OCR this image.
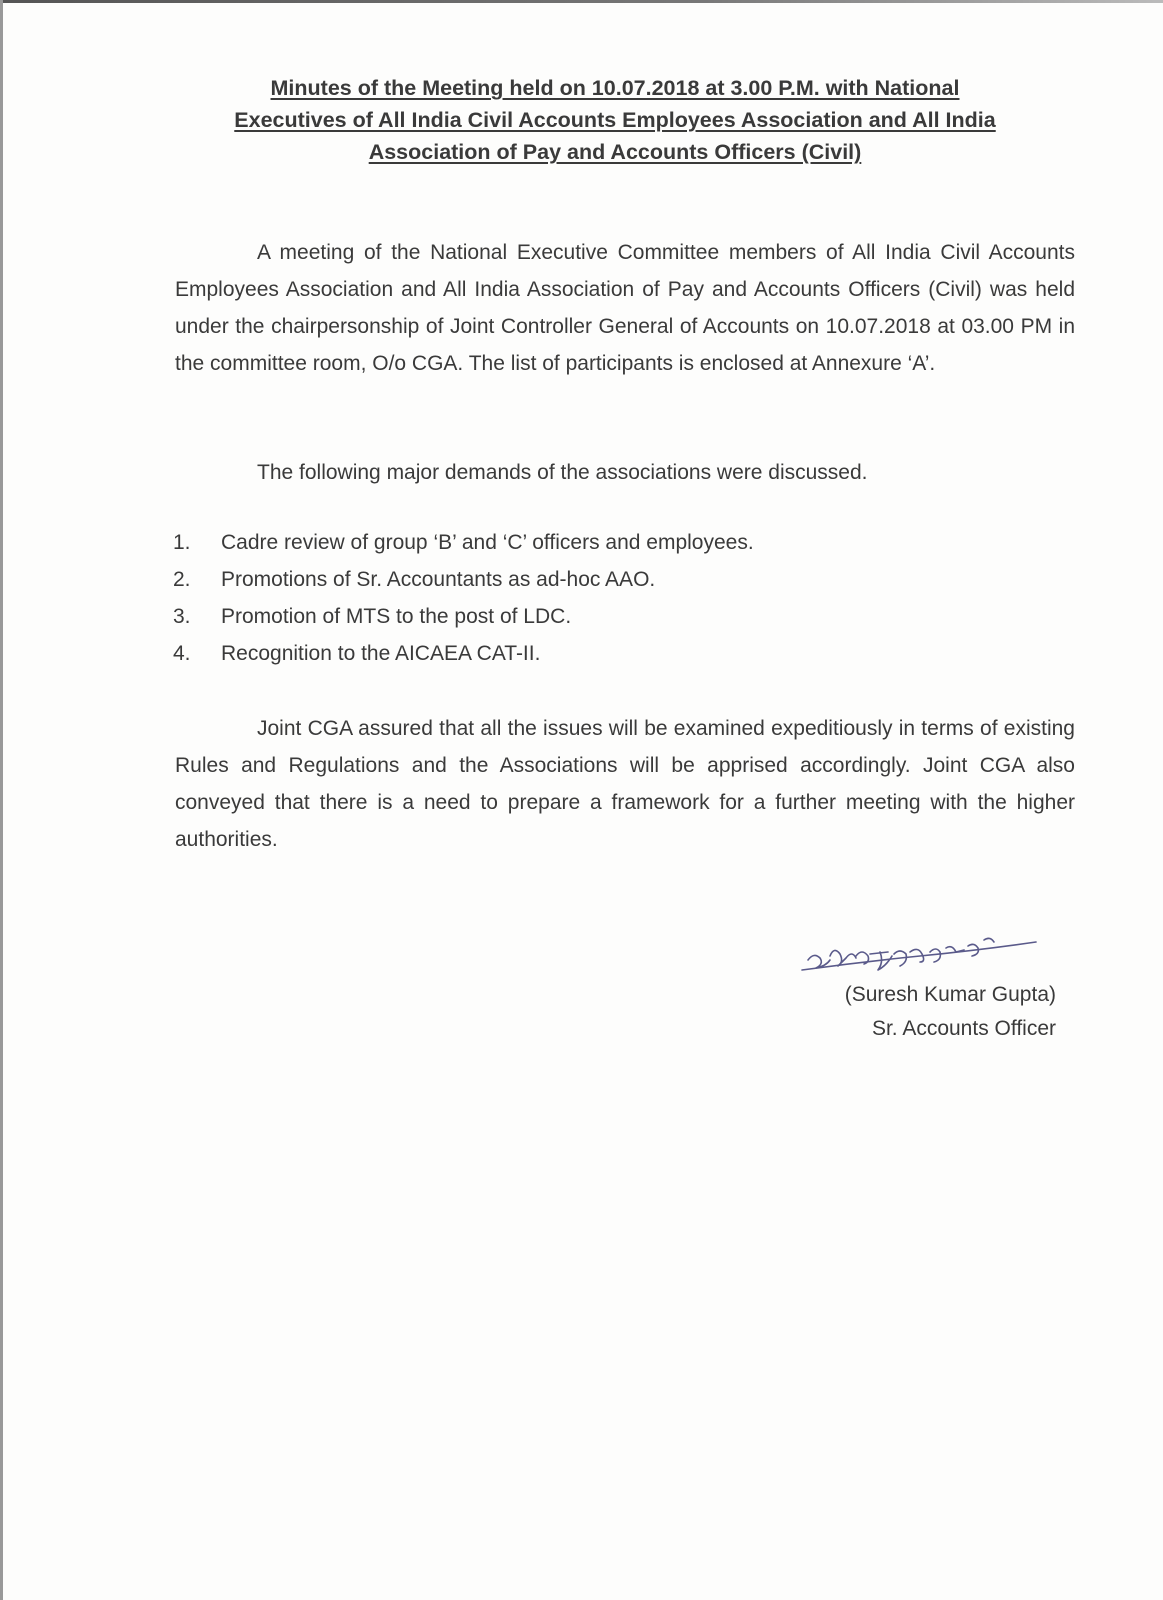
Minutes of the Meeting held on 10.07.2018 at 3.00 P.M. with National
Executives of All India Civil Accounts Employees Association and All India
Association of Pay and Accounts Officers (Civil)
A meeting of the National Executive Committee members of All India Civil Accounts Employees Association and All India Association of Pay and Accounts Officers (Civil) was held under the chairpersonship of Joint Controller General of Accounts on 10.07.2018 at 03.00 PM in the committee room, O/o CGA. The list of participants is enclosed at Annexure ‘A’.
The following major demands of the associations were discussed.
1.	Cadre review of group ‘B’ and ‘C’ officers and employees.
2.	Promotions of Sr. Accountants as ad-hoc AAO.
3.	Promotion of MTS to the post of LDC.
4.	Recognition to the AICAEA CAT-II.
Joint CGA assured that all the issues will be examined expeditiously in terms of existing Rules and Regulations and the Associations will be apprised accordingly. Joint CGA also conveyed that there is a need to prepare a framework for a further meeting with the higher authorities.
(Suresh Kumar Gupta)
Sr. Accounts Officer
